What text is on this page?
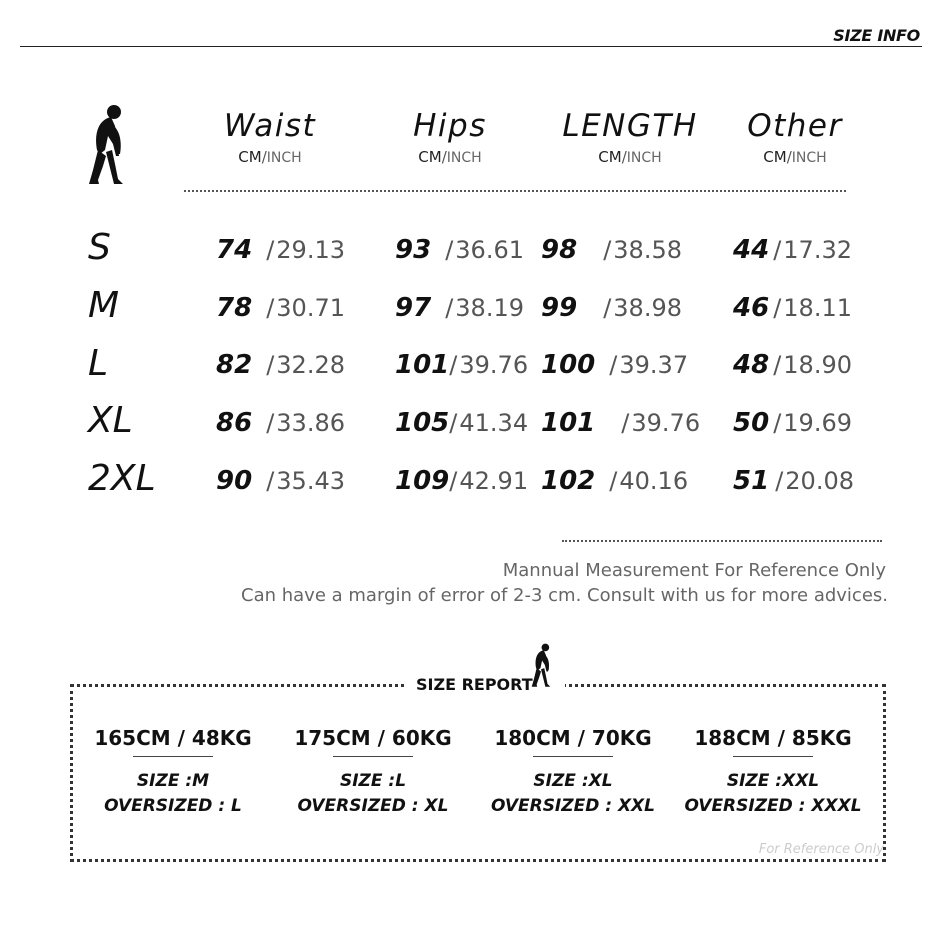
SIZE INFO
Waist
CM/INCH
Hips
CM/INCH
LENGTH
CM/INCH
Other
CM/INCH
S
M
L
XL
2XL
74 /29.13 93 /36.61 98 /38.58 44 /17.32
78 /30.71 97 /38.19 99 /38.98 46 /18.11
82 /32.28 101/39.76 100 /39.37 48 /18.90
86 /33.86 105/41.34 101 /39.76 50 /19.69
90 /35.43 109/42.91 102 /40.16 51 /20.08
Mannual Measurement For Reference Only
Can have a margin of error of 2-3 cm. Consult with us for more advices.
SIZE REPORT
165CM / 48KG
SIZE :M
OVERSIZED : L
175CM / 60KG
SIZE :L
OVERSIZED : XL
180CM / 70KG
SIZE :XL
OVERSIZED : XXL
188CM / 85KG
SIZE :XXL
OVERSIZED : XXXL
For Reference Only
